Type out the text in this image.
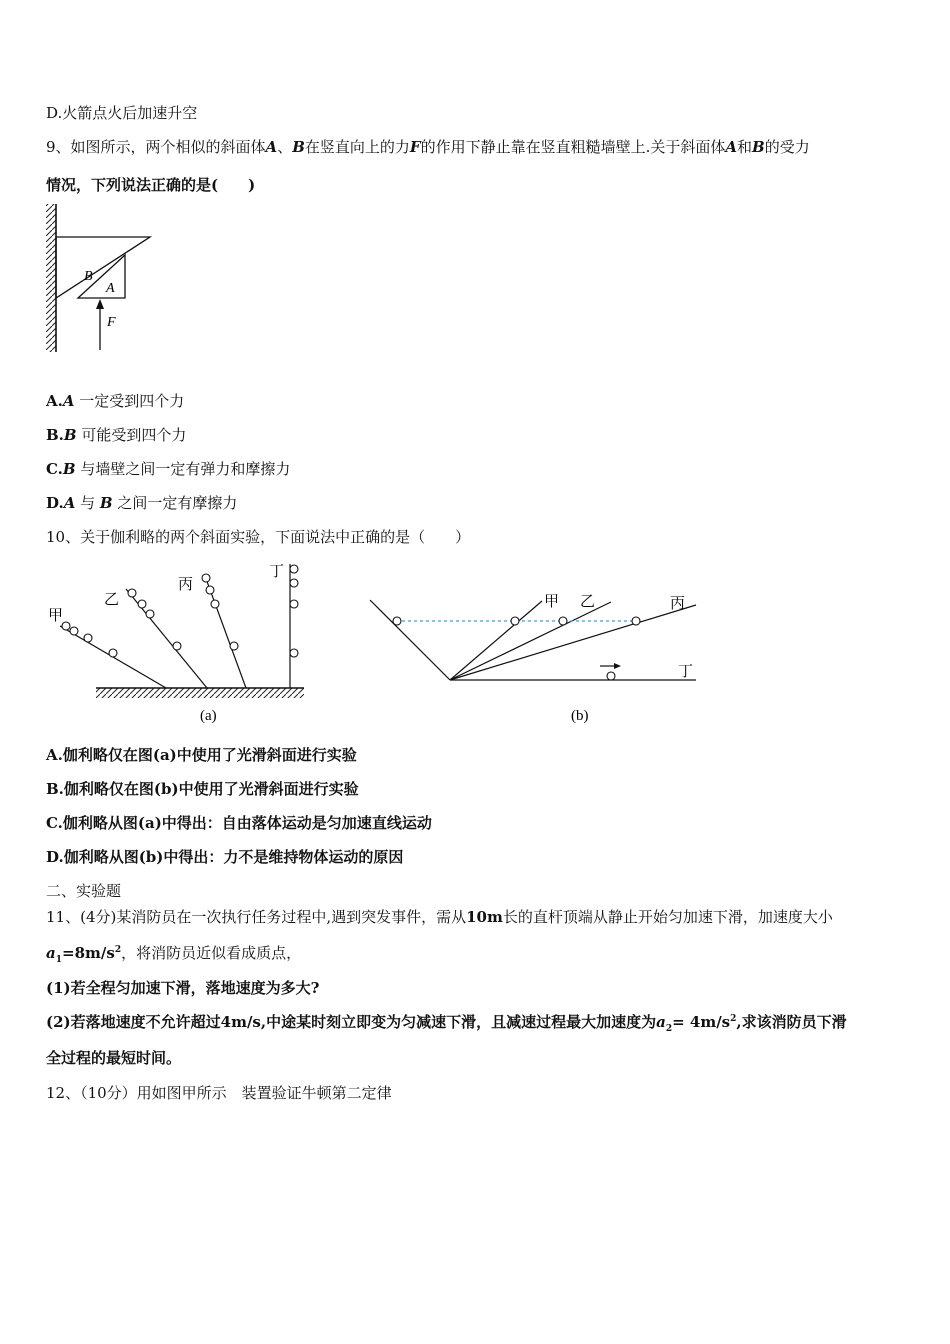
D.火箭点火后加速升空
9、如图所示，两个相似的斜面体A、B在竖直向上的力F的作用下静止靠在竖直粗糙墙壁上.关于斜面体A和B的受力
情况，下列说法正确的是(　　)
B
A
F
A.A 一定受到四个力
B.B 可能受到四个力
C.B 与墙壁之间一定有弹力和摩擦力
D.A 与 B 之间一定有摩擦力
10、关于伽利略的两个斜面实验，下面说法中正确的是（　　）
甲
乙
丙
丁
(a)
甲 乙	丙
丁
(b)
A.伽利略仅在图(a)中使用了光滑斜面进行实验
B.伽利略仅在图(b)中使用了光滑斜面进行实验
C.伽利略从图(a)中得出：自由落体运动是匀加速直线运动
D.伽利略从图(b)中得出：力不是维持物体运动的原因
二、实验题
11、(4分)某消防员在一次执行任务过程中,遇到突发事件，需从10m长的直杆顶端从静止开始匀加速下滑，加速度大小
$a_1=8m/s^2$，将消防员近似看成质点，
(1)若全程匀加速下滑，落地速度为多大?
(2)若落地速度不允许超过4m/s,中途某时刻立即变为匀减速下滑，且减速过程最大加速度为$a_2= 4m/s^2$,求该消防员下滑
全过程的最短时间。
12、（10分）用如图甲所示　装置验证牛顿第二定律
